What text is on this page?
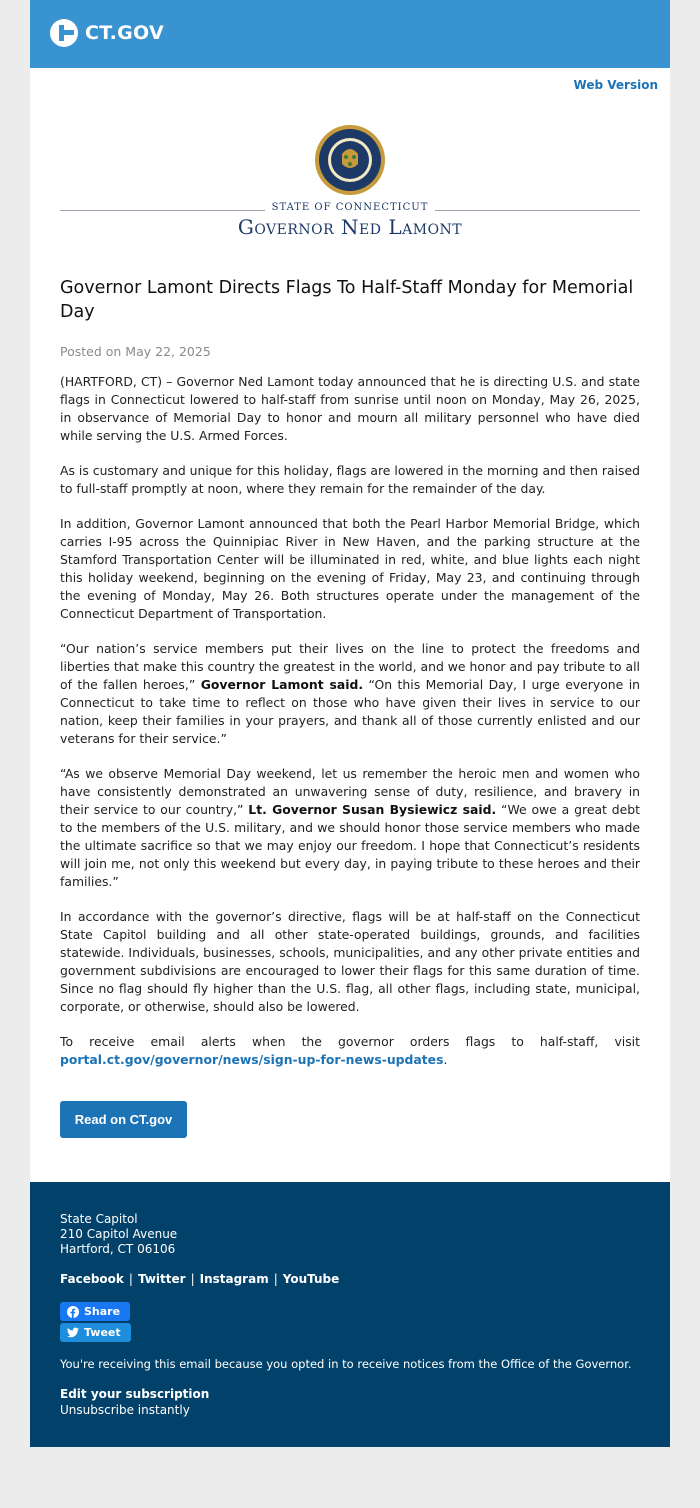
CT.GOV
Web Version
STATE OF CONNECTICUT
Governor Ned Lamont
Governor Lamont Directs Flags To Half-Staff Monday for Memorial Day
Posted on May 22, 2025

(HARTFORD, CT) – Governor Ned Lamont today announced that he is directing U.S. and state flags in Connecticut lowered to half-staff from sunrise until noon on Monday, May 26, 2025, in observance of Memorial Day to honor and mourn all military personnel who have died while serving the U.S. Armed Forces.

As is customary and unique for this holiday, flags are lowered in the morning and then raised to full-staff promptly at noon, where they remain for the remainder of the day.

In addition, Governor Lamont announced that both the Pearl Harbor Memorial Bridge, which carries I-95 across the Quinnipiac River in New Haven, and the parking structure at the Stamford Transportation Center will be illuminated in red, white, and blue lights each night this holiday weekend, beginning on the evening of Friday, May 23, and continuing through the evening of Monday, May 26. Both structures operate under the management of the Connecticut Department of Transportation.

“Our nation’s service members put their lives on the line to protect the freedoms and liberties that make this country the greatest in the world, and we honor and pay tribute to all of the fallen heroes,” Governor Lamont said. “On this Memorial Day, I urge everyone in Connecticut to take time to reflect on those who have given their lives in service to our nation, keep their families in your prayers, and thank all of those currently enlisted and our veterans for their service.”

“As we observe Memorial Day weekend, let us remember the heroic men and women who have consistently demonstrated an unwavering sense of duty, resilience, and bravery in their service to our country,” Lt. Governor Susan Bysiewicz said. “We owe a great debt to the members of the U.S. military, and we should honor those service members who made the ultimate sacrifice so that we may enjoy our freedom. I hope that Connecticut’s residents will join me, not only this weekend but every day, in paying tribute to these heroes and their families.”

In accordance with the governor’s directive, flags will be at half-staff on the Connecticut State Capitol building and all other state-operated buildings, grounds, and facilities statewide. Individuals, businesses, schools, municipalities, and any other private entities and government subdivisions are encouraged to lower their flags for this same duration of time. Since no flag should fly higher than the U.S. flag, all other flags, including state, municipal, corporate, or otherwise, should also be lowered.

To receive email alerts when the governor orders flags to half-staff, visit portal.ct.gov/governor/news/sign-up-for-news-updates.

Read on CT.gov
State Capitol
210 Capitol Avenue
Hartford, CT 06106
Facebook | Twitter | Instagram | YouTube
Share
Tweet
You're receiving this email because you opted in to receive notices from the Office of the Governor.
Edit your subscription
Unsubscribe instantly
